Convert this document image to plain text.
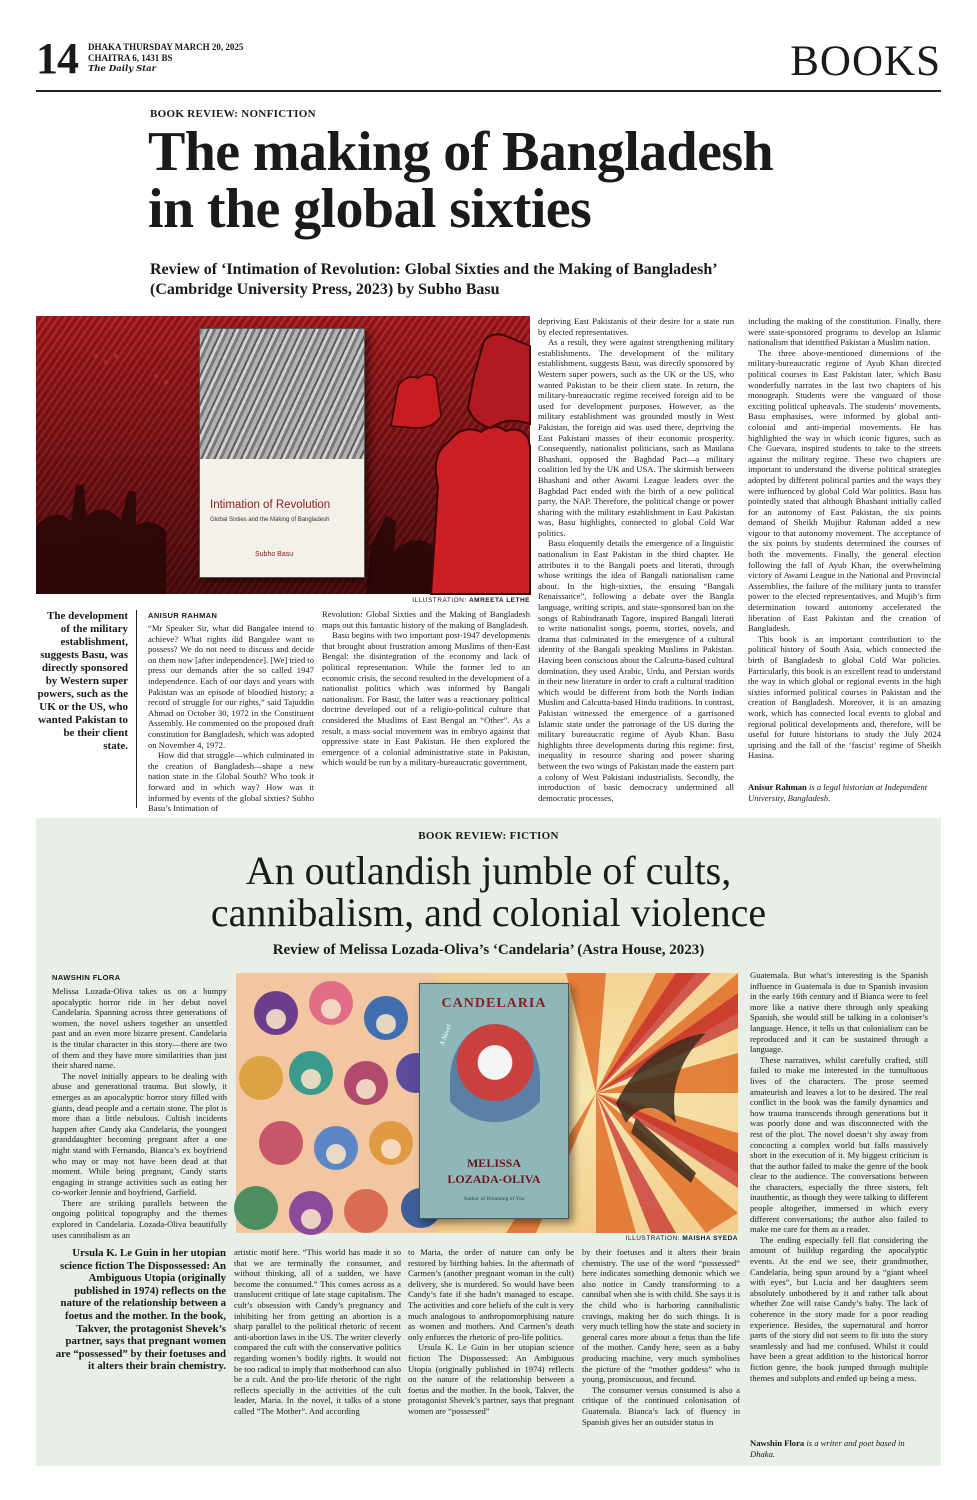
14 DHAKA THURSDAY MARCH 20, 2025
CHAITRA 6, 1431 BS
The Daily Star	BOOKS
BOOK REVIEW: NONFICTION
The making of Bangladesh
in the global sixties
Review of ‘Intimation of Revolution: Global Sixties and the Making of Bangladesh’
(Cambridge University Press, 2023) by Subho Basu
Intimation of Revolution
Global Sixties and the Making of Bangladesh
Subho Basu
ILLUSTRATION: AMREETA LETHE
The development of the military establishment, suggests Basu, was directly sponsored by Western super powers, such as the UK or the US, who wanted Pakistan to be their client state.
ANISUR RAHMAN

“Mr Speaker Sir, what did Bangalee intend to achieve? What rights did Bangalee want to possess? We do not need to discuss and decide on them now [after independence]. [We] tried to press our demands after the so called 1947 independence. Each of our days and years with Pakistan was an episode of bloodied history; a record of struggle for our rights,” said Tajuddin Ahmad on October 30, 1972 in the Constituent Assembly. He commented on the proposed draft constitution for Bangladesh, which was adopted on November 4, 1972.

How did that struggle—which culminated in the creation of Bangladesh—shape a new nation state in the Global South? Who took it forward and in which way? How was it informed by events of the global sixties? Subho Basu’s Intimation of

Revolution: Global Sixties and the Making of Bangladesh maps out this fantastic history of the making of Bangladesh.

Basu begins with two important post-1947 developments that brought about frustration among Muslims of then-East Bengal: the disintegration of the economy and lack of political representation. While the former led to an economic crisis, the second resulted in the development of a nationalist politics which was informed by Bangali nationalism. For Basu, the latter was a reactionary political doctrine developed out of a religio-political culture that considered the Muslims of East Bengal an “Other”. As a result, a mass social movement was in embryo against that oppressive state in East Pakistan. He then explored the emergence of a colonial administrative state in Pakistan, which would be run by a military-bureaucratic government,

depriving East Pakistanis of their desire for a state run by elected representatives.

As a result, they were against strengthening military establishments. The development of the military establishment, suggests Basu, was directly sponsored by Western super powers, such as the UK or the US, who wanted Pakistan to be their client state. In return, the military-bureaucratic regime received foreign aid to be used for development purposes. However, as the military establishment was grounded mostly in West Pakistan, the foreign aid was used there, depriving the East Pakistani masses of their economic prosperity. Consequently, nationalist politicians, such as Maulana Bhashani, opposed the Baghdad Pact—a military coalition led by the UK and USA. The skirmish between Bhashani and other Awami League leaders over the Baghdad Pact ended with the birth of a new political party, the NAP. Therefore, the political change or power sharing with the military establishment in East Pakistan was, Basu highlights, connected to global Cold War politics.

Basu eloquently details the emergence of a linguistic nationalism in East Pakistan in the third chapter. He attributes it to the Bangali poets and literati, through whose writings the idea of Bangali nationalism came about. In the high-sixties, the ensuing “Bangali Renaissance”, following a debate over the Bangla language, writing scripts, and state-sponsored ban on the songs of Rabindranath Tagore, inspired Bangali literati to write nationalist songs, poems, stories, novels, and drama that culminated in the emergence of a cultural identity of the Bangali speaking Muslims in Pakistan. Having been conscious about the Calcutta-based cultural domination, they used Arabic, Urdu, and Persian words in their new literature in order to craft a cultural tradition which would be different from both the North Indian Muslim and Calcutta-based Hindu traditions. In contrast, Pakistan witnessed the emergence of a garrisoned Islamic state under the patronage of the US during the military bureaucratic regime of Ayub Khan. Basu highlights three developments during this regime: first, inequality in resource sharing and power sharing between the two wings of Pakistan made the eastern part a colony of West Pakistani industrialists. Secondly, the introduction of basic democracy undermined all democratic processes,

including the making of the constitution. Finally, there were state-sponsored programs to develop an Islamic nationalism that identified Pakistan a Muslim nation.

The three above-mentioned dimensions of the military-bureaucratic regime of Ayub Khan directed political courses in East Pakistan later, which Basu wonderfully narrates in the last two chapters of his monograph. Students were the vanguard of those exciting political upheavals. The students’ movements, Basu emphasises, were informed by global anti-colonial and anti-imperial movements. He has highlighted the way in which iconic figures, such as Che Guevara, inspired students to take to the streets against the military regime. These two chapters are important to understand the diverse political strategies adopted by different political parties and the ways they were influenced by global Cold War politics. Basu has pointedly stated that although Bhashani initially called for an autonomy of East Pakistan, the six points demand of Sheikh Mujibur Rahman added a new vigour to that autonomy movement. The acceptance of the six points by students determined the courses of both the movements. Finally, the general election following the fall of Ayub Khan, the overwhelming victory of Awami League in the National and Provincial Assemblies, the failure of the military junta to transfer power to the elected representatives, and Mujib’s firm determination toward autonomy accelerated the liberation of East Pakistan and the creation of Bangladesh.

This book is an important contribution to the political history of South Asia, which connected the birth of Bangladesh to global Cold War policies. Particularly, this book is an excellent read to understand the way in which global or regional events in the high sixties informed political courses in Pakistan and the creation of Bangladesh. Moreover, it is an amazing work, which has connected local events to global and regional political developments and, therefore, will be useful for future historians to study the July 2024 uprising and the fall of the ‘fascist’ regime of Sheikh Hasina.

Anisur Rahman is a legal historian at Independent University, Bangladesh.
BOOK REVIEW: FICTION
An outlandish jumble of cults,
cannibalism, and colonial violence
Review of Melissa Lozada-Oliva’s ‘Candelaria’ (Astra House, 2023)
NAWSHIN FLORA

Melissa Lozada-Oliva takes us on a bumpy apocalyptic horror ride in her debut novel Candelaria. Spanning across three generations of women, the novel ushers together an unsettled past and an even more bizarre present. Candelaria is the titular character in this story—there are two of them and they have more similarities than just their shared name.

The novel initially appears to be dealing with abuse and generational trauma. But slowly, it emerges as an apocalyptic horror story filled with giants, dead people and a certain stone. The plot is more than a little nebulous. Cultish incidents happen after Candy aka Candelaria, the youngest granddaughter becoming pregnant after a one night stand with Fernando, Bianca’s ex boyfriend who may or may not have been dead at that moment. While being pregnant, Candy starts engaging in strange activities such as eating her co-worker Jennie and boyfriend, Garfield.

There are striking parallels between the ongoing political topography and the themes explored in Candelaria. Lozada-Oliva beautifully uses cannibalism as an

CANDELARIA
A Novel
MELISSA
LOZADA-OLIVA
Author of Dreaming of You
ILLUSTRATION: MAISHA SYEDA

Guatemala. But what’s interesting is the Spanish influence in Guatemala is due to Spanish invasion in the early 16th century and if Bianca were to feel more like a native there through only speaking Spanish, she would still be talking in a coloniser’s language. Hence, it tells us that colonialism can be reproduced and it can be sustained through a language.

These narratives, whilst carefully crafted, still failed to make me interested in the tumultuous lives of the characters. The prose seemed amateurish and leaves a lot to be desired. The real conflict in the book was the family dynamics and how trauma transcends through generations but it was poorly done and was disconnected with the rest of the plot. The novel doesn’t shy away from concocting a complex world but falls massively short in the execution of it. My biggest criticism is that the author failed to make the genre of the book clear to the audience. The conversations between the characters, especially the three sisters, felt inauthentic, as though they were talking to different people altogether, immersed in which every different conversations; the author also failed to make me care for them as a reader.

The ending especially fell flat considering the amount of buildup regarding the apocalyptic events. At the end we see, their grandmother, Candelaria, being spun around by a “giant wheel with eyes”, but Lucia and her daughters seem absolutely unbothered by it and rather talk about whether Zoe will raise Candy’s baby. The lack of coherence in the story made for a poor reading experience. Besides, the supernatural and horror parts of the story did not seem to fit into the story seamlessly and had me confused. Whilst it could have been a great addition to the historical horror fiction genre, the book jumped through multiple themes and subplots and ended up being a mess.

Nawshin Flora is a writer and poet based in Dhaka.
Ursula K. Le Guin in her utopian science fiction The Dispossessed: An Ambiguous Utopia (originally published in 1974) reflects on the nature of the relationship between a foetus and the mother. In the book, Takver, the protagonist Shevek’s partner, says that pregnant women are “possessed” by their foetuses and it alters their brain chemistry.

artistic motif here. “This world has made it so that we are terminally the consumer, and without thinking, all of a sudden, we have become the consumed.” This comes across as a translucent critique of late stage capitalism. The cult’s obsession with Candy’s pregnancy and inhibiting her from getting an abortion is a sharp parallel to the political rhetoric of recent anti-abortion laws in the US. The writer cleverly compared the cult with the conservative politics regarding women’s bodily rights. It would not be too radical to imply that motherhood can also be a cult. And the pro-life rhetoric of the right reflects specially in the activities of the cult leader, Maria. In the novel, it talks of a stone called “The Mother”. And according

to Maria, the order of nature can only be restored by birthing babies. In the aftermath of Carmen’s (another pregnant woman in the cult) delivery, she is murdered. So would have been Candy’s fate if she hadn’t managed to escape. The activities and core beliefs of the cult is very much analogous to anthropomorphising nature as women and mothers. And Carmen’s death only enforces the rhetoric of pro-life politics.

Ursula K. Le Guin in her utopian science fiction The Dispossessed: An Ambiguous Utopia (originally published in 1974) reflects on the nature of the relationship between a foetus and the mother. In the book, Takver, the protagonist Shevek’s partner, says that pregnant women are “possessed”

by their foetuses and it alters their brain chemistry. The use of the word “possessed” here indicates something demonic which we also notice in Candy transforming to a cannibal when she is with child. She says it is the child who is harboring cannibalistic cravings, making her do such things. It is very much telling how the state and society in general cares more about a fetus than the life of the mother. Candy here, seen as a baby producing machine, very much symbolises the picture of the “mother goddess” who is young, promiscuous, and fecund.

The consumer versus consumed is also a critique of the continued colonisation of Guatemala. Bianca’s lack of fluency in Spanish gives her an outsider status in
